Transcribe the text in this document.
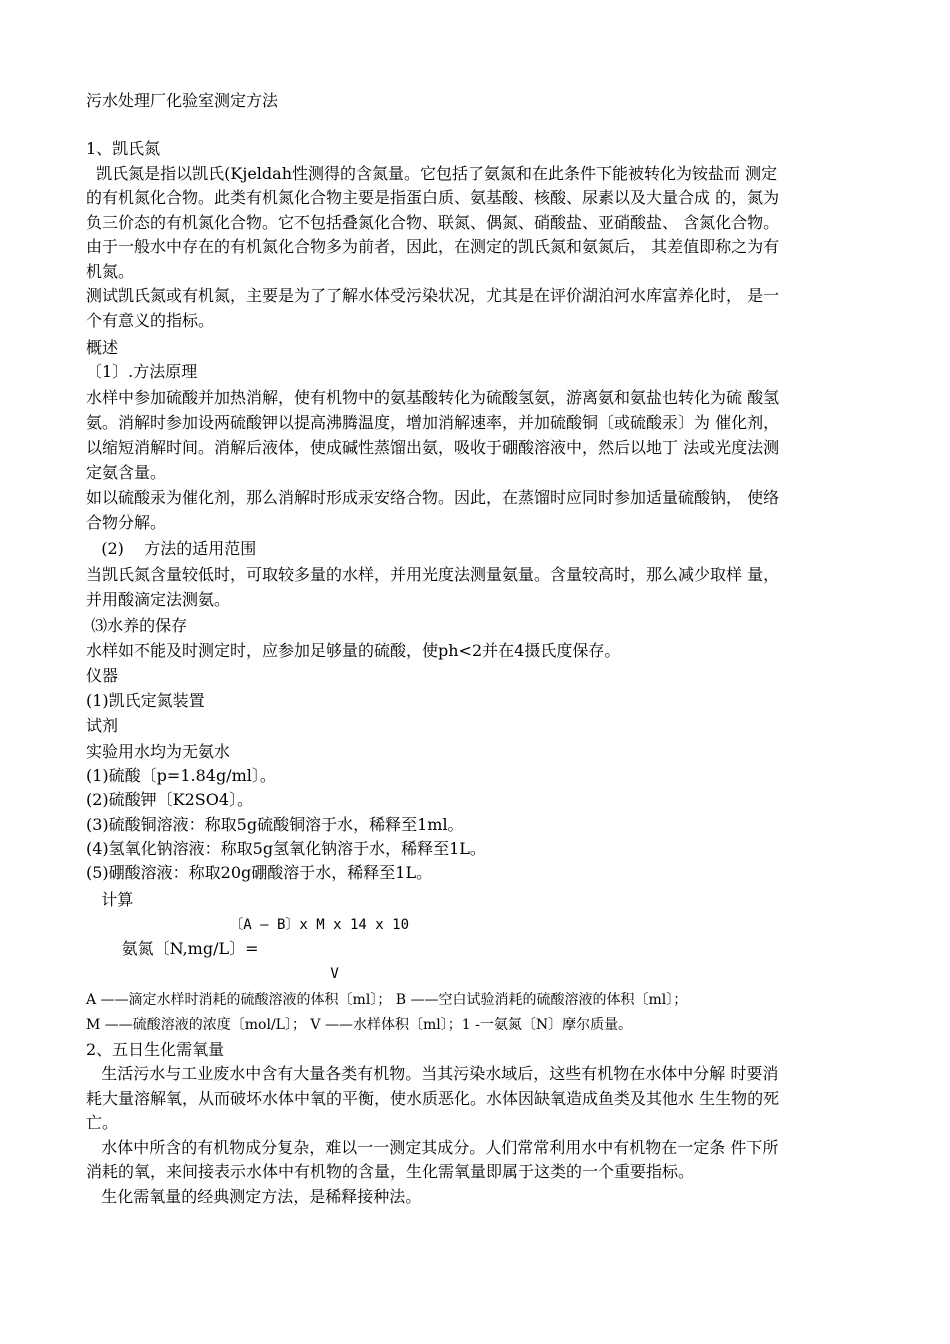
污水处理厂化验室测定方法
1、凯氏氮
凯氏氮是指以凯氏(Kjeldah性测得的含氮量。它包括了氨氮和在此条件下能被转化为铵盐而 测定
的有机氮化合物。此类有机氮化合物主要是指蛋白质、氨基酸、核酸、尿素以及大量合成 的，氮为
负三价态的有机氮化合物。它不包括叠氮化合物、联氮、偶氮、硝酸盐、亚硝酸盐、 含氮化合物。
由于一般水中存在的有机氮化合物多为前者，因此，在测定的凯氏氮和氨氮后， 其差值即称之为有
机氮。
测试凯氏氮或有机氮，主要是为了了解水体受污染状况，尤其是在评价湖泊河水库富养化时， 是一
个有意义的指标。
概述
〔1〕.方法原理
水样中参加硫酸并加热消解，使有机物中的氨基酸转化为硫酸氢氨，游离氨和氨盐也转化为硫 酸氢
氨。消解时参加设两硫酸钾以提高沸腾温度，增加消解速率，并加硫酸铜〔或硫酸汞〕为 催化剂，
以缩短消解时间。消解后液体，使成碱性蒸馏出氨，吸收于硼酸溶液中，然后以地丁 法或光度法测
定氨含量。
如以硫酸汞为催化剂，那么消解时形成汞安络合物。因此，在蒸馏时应同时参加适量硫酸钠， 使络
合物分解。
(2)    方法的适用范围
当凯氏氮含量较低时，可取较多量的水样，并用光度法测量氨量。含量较高时，那么减少取样 量，
并用酸滴定法测氨。
⑶水养的保存
水样如不能及时测定时，应参加足够量的硫酸，使ph<2并在4摄氏度保存。
仪器
(1)凯氏定氮装置
试剂
实验用水均为无氨水
(1)硫酸〔p=1.84g/ml〕。
(2)硫酸钾〔K2SO4〕。
(3)硫酸铜溶液：称取5g硫酸铜溶于水，稀释至1ml。
(4)氢氧化钠溶液：称取5g氢氧化钠溶于水，稀释至1L。
(5)硼酸溶液：称取20g硼酸溶于水，稀释至1L。
计算
〔A — B〕x M x 14 x 10
氨氮〔N,mg/L〕=
V
A ——滴定水样时消耗的硫酸溶液的体积〔ml〕； B ——空白试验消耗的硫酸溶液的体积〔ml〕；
M ——硫酸溶液的浓度〔mol/L〕； V ——水样体积〔ml〕；1 -一氨氮〔N〕摩尔质量。
2、五日生化需氧量
生活污水与工业废水中含有大量各类有机物。当其污染水域后，这些有机物在水体中分解 时要消
耗大量溶解氧，从而破坏水体中氧的平衡，使水质恶化。水体因缺氧造成鱼类及其他水 生生物的死
亡。
水体中所含的有机物成分复杂，难以一一测定其成分。人们常常利用水中有机物在一定条 件下所
消耗的氧，来间接表示水体中有机物的含量，生化需氧量即属于这类的一个重要指标。
生化需氧量的经典测定方法，是稀释接种法。
